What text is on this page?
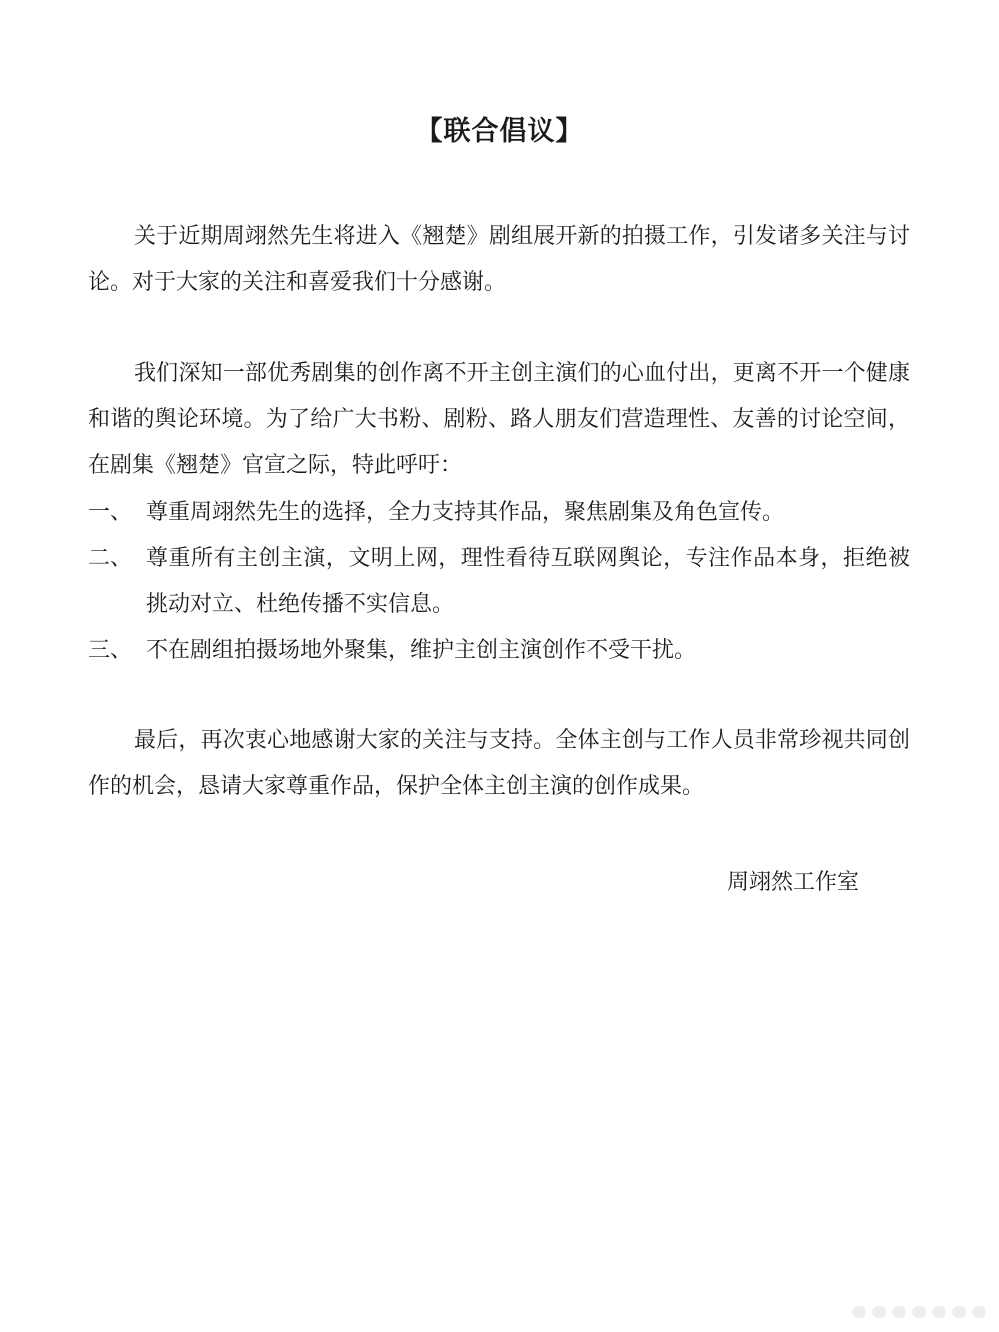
【联合倡议】

关于近期周翊然先生将进入《翘楚》剧组展开新的拍摄工作，引发诸多关注与讨论。对于大家的关注和喜爱我们十分感谢。

我们深知一部优秀剧集的创作离不开主创主演们的心血付出，更离不开一个健康和谐的舆论环境。为了给广大书粉、剧粉、路人朋友们营造理性、友善的讨论空间，在剧集《翘楚》官宣之际，特此呼吁：

一、 尊重周翊然先生的选择，全力支持其作品，聚焦剧集及角色宣传。
二、 尊重所有主创主演，文明上网，理性看待互联网舆论，专注作品本身，拒绝被挑动对立、杜绝传播不实信息。
三、 不在剧组拍摄场地外聚集，维护主创主演创作不受干扰。

最后，再次衷心地感谢大家的关注与支持。全体主创与工作人员非常珍视共同创作的机会，恳请大家尊重作品，保护全体主创主演的创作成果。

周翊然工作室
